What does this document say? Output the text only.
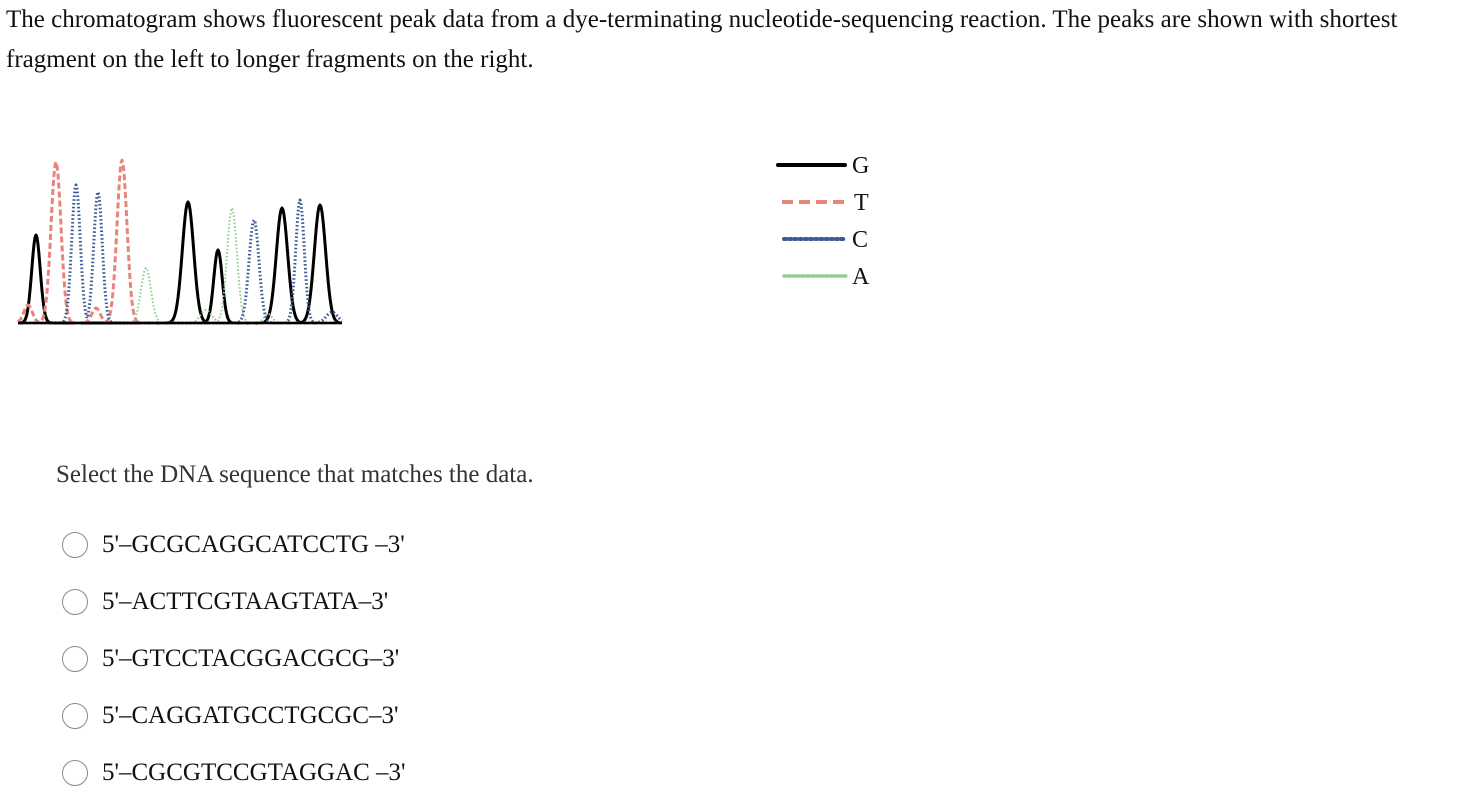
The chromatogram shows fluorescent peak data from a dye-terminating nucleotide-sequencing reaction. The peaks are shown with shortest fragment on the left to longer fragments on the right.

G
T
C
A

Select the DNA sequence that matches the data.

5'–GCGCAGGCATCCTG –3'
5'–ACTTCGTAAGTATA–3'
5'–GTCCTACGGACGCG–3'
5'–CAGGATGCCTGCGC–3'
5'–CGCGTCCGTAGGAC –3'
